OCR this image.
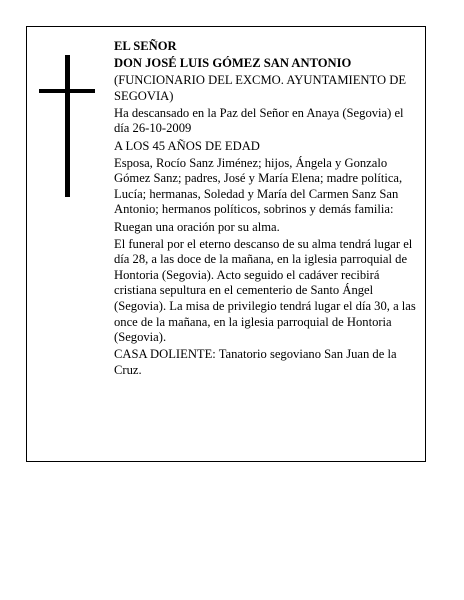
EL SEÑOR

DON JOSÉ LUIS GÓMEZ SAN ANTONIO

(FUNCIONARIO DEL EXCMO. AYUNTAMIENTO DE SEGOVIA)

Ha descansado en la Paz del Señor en Anaya (Segovia) el día 26-10-2009

A LOS 45 AÑOS DE EDAD

Esposa, Rocío Sanz Jiménez; hijos, Ángela y Gonzalo Gómez Sanz; padres, José y María Elena; madre política, Lucía; hermanas, Soledad y María del Carmen Sanz San Antonio; hermanos políticos, sobrinos y demás familia:

Ruegan una oración por su alma.

El funeral por el eterno descanso de su alma tendrá lugar el día 28, a las doce de la mañana, en la iglesia parroquial de Hontoria (Segovia). Acto seguido el cadáver recibirá cristiana sepultura en el cementerio de Santo Ángel (Segovia). La misa de privilegio tendrá lugar el día 30, a las once de la mañana, en la iglesia parroquial de Hontoria (Segovia).

CASA DOLIENTE: Tanatorio segoviano San Juan de la Cruz.
